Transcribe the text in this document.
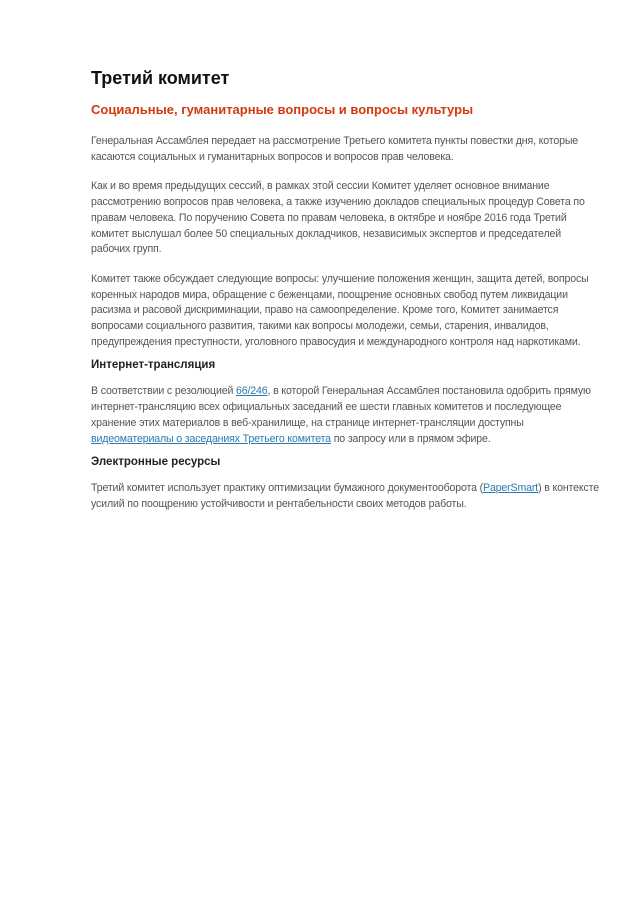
Третий комитет
Социальные, гуманитарные вопросы и вопросы культуры

Генеральная Ассамблея передает на рассмотрение Третьего комитета пункты повестки дня, которые касаются социальных и гуманитарных вопросов и вопросов прав человека.

Как и во время предыдущих сессий, в рамках этой сессии Комитет уделяет основное внимание рассмотрению вопросов прав человека, а также изучению докладов специальных процедур Совета по правам человека. По поручению Совета по правам человека, в октябре и ноябре 2016 года Третий комитет выслушал более 50 специальных докладчиков, независимых экспертов и председателей рабочих групп.

Комитет также обсуждает следующие вопросы: улучшение положения женщин, защита детей, вопросы коренных народов мира, обращение с беженцами, поощрение основных свобод путем ликвидации расизма и расовой дискриминации, право на самоопределение. Кроме того, Комитет занимается вопросами социального развития, такими как вопросы молодежи, семьи, старения, инвалидов, предупреждения преступности, уголовного правосудия и международного контроля над наркотиками.

Интернет-трансляция

В соответствии с резолюцией 66/246, в которой Генеральная Ассамблея постановила одобрить прямую интернет-трансляцию всех официальных заседаний ее шести главных комитетов и последующее хранение этих материалов в веб-хранилище, на странице интернет-трансляции доступны видеоматериалы о заседаниях Третьего комитета по запросу или в прямом эфире.

Электронные ресурсы

Третий комитет использует практику оптимизации бумажного документооборота (PaperSmart) в контексте усилий по поощрению устойчивости и рентабельности своих методов работы.
